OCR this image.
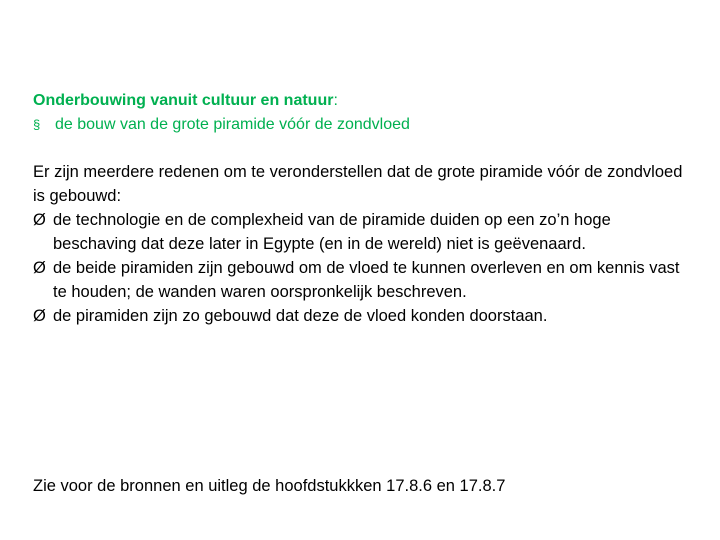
Onderbouwing vanuit cultuur en natuur:
§ de bouw van de grote piramide vóór de zondvloed

Er zijn meerdere redenen om te veronderstellen dat de grote piramide vóór de zondvloed is gebouwd:

Ø de technologie en de complexheid van de piramide duiden op een zo’n hoge beschaving dat deze later in Egypte (en in de wereld) niet is geëvenaard.

Ø de beide piramiden zijn gebouwd om de vloed te kunnen overleven en om kennis vast te houden; de wanden waren oorspronkelijk beschreven.

Ø de piramiden zijn zo gebouwd dat deze de vloed konden doorstaan.

Zie voor de bronnen en uitleg de hoofdstukkken 17.8.6 en 17.8.7
